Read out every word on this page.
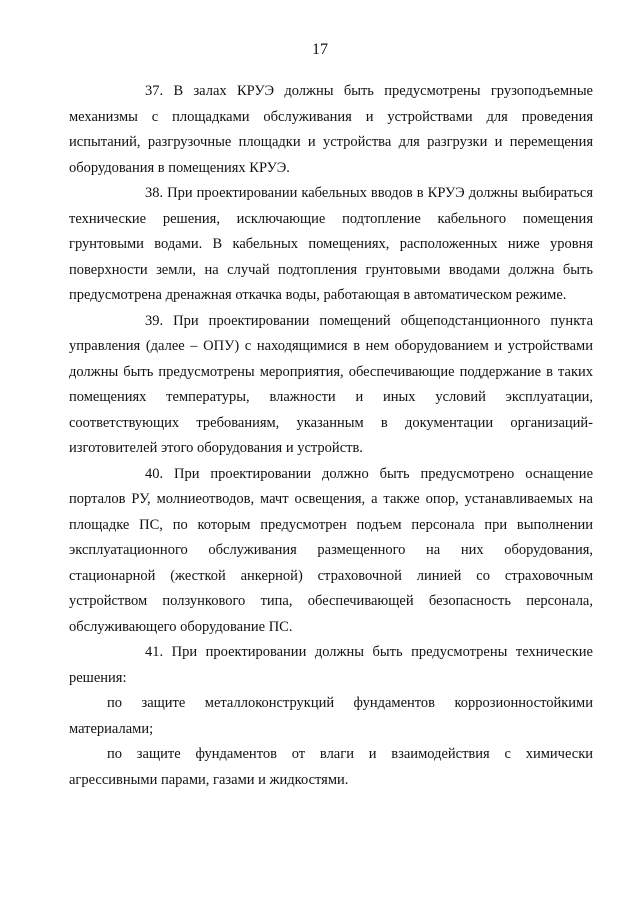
17

37. В залах КРУЭ должны быть предусмотрены грузоподъемные механизмы с площадками обслуживания и устройствами для проведения испытаний, разгрузочные площадки и устройства для разгрузки и перемещения оборудования в помещениях КРУЭ.

38. При проектировании кабельных вводов в КРУЭ должны выбираться технические решения, исключающие подтопление кабельного помещения грунтовыми водами. В кабельных помещениях, расположенных ниже уровня поверхности земли, на случай подтопления грунтовыми вводами должна быть предусмотрена дренажная откачка воды, работающая в автоматическом режиме.

39. При проектировании помещений общеподстанционного пункта управления (далее – ОПУ) с находящимися в нем оборудованием и устройствами должны быть предусмотрены мероприятия, обеспечивающие поддержание в таких помещениях температуры, влажности и иных условий эксплуатации, соответствующих требованиям, указанным в документации организаций-изготовителей этого оборудования и устройств.

40. При проектировании должно быть предусмотрено оснащение порталов РУ, молниеотводов, мачт освещения, а также опор, устанавливаемых на площадке ПС, по которым предусмотрен подъем персонала при выполнении эксплуатационного обслуживания размещенного на них оборудования, стационарной (жесткой анкерной) страховочной линией со страховочным устройством ползункового типа, обеспечивающей безопасность персонала, обслуживающего оборудование ПС.

41. При проектировании должны быть предусмотрены технические решения:

по защите металлоконструкций фундаментов коррозионностойкими материалами;

по защите фундаментов от влаги и взаимодействия с химически агрессивными парами, газами и жидкостями.
